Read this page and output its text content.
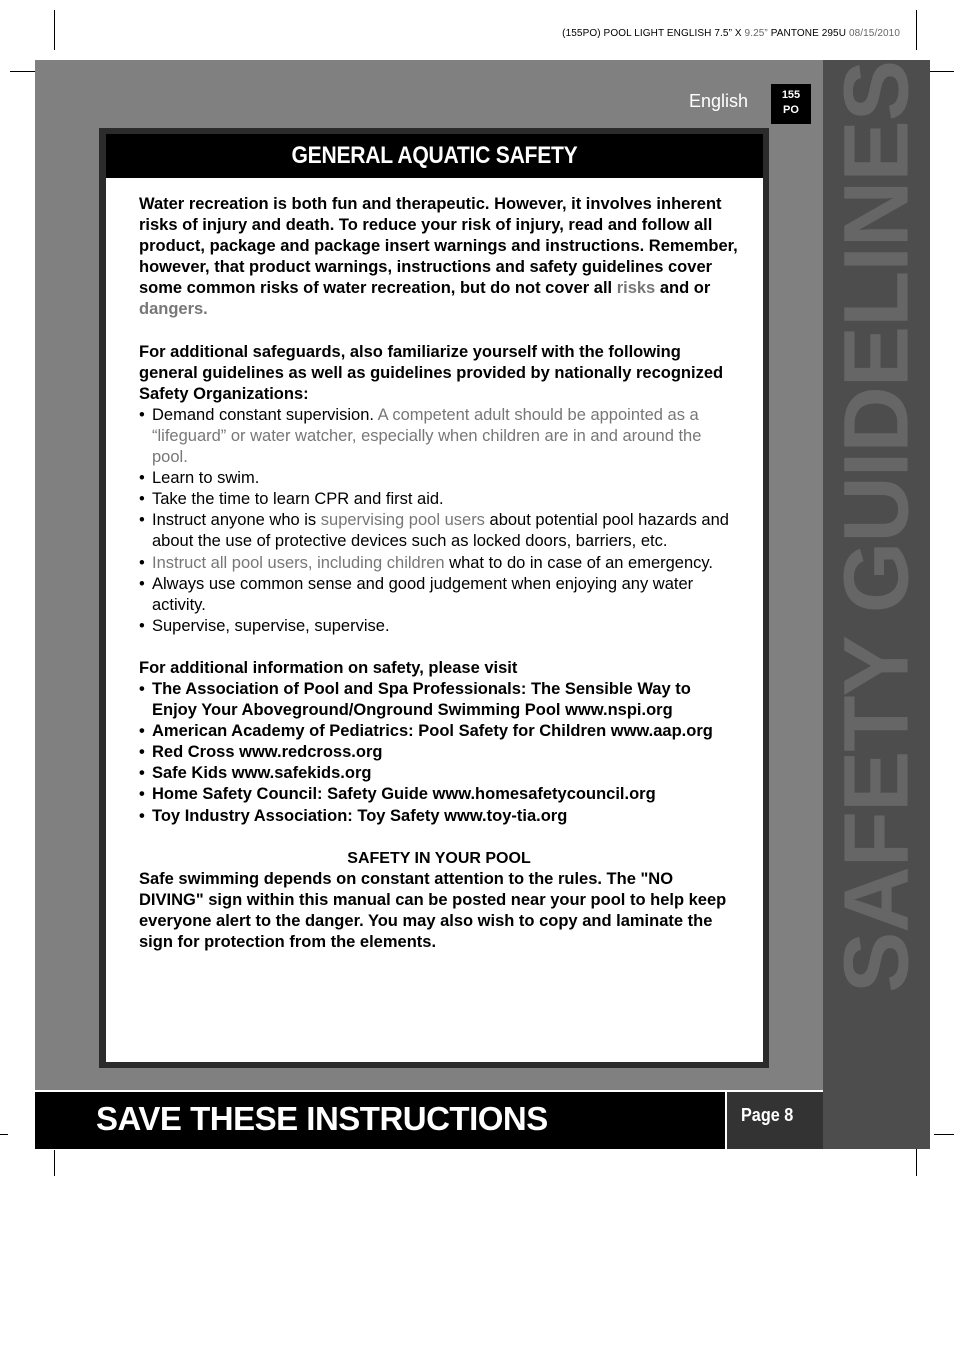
(155PO) POOL LIGHT ENGLISH 7.5” X 9.25” PANTONE 295U 08/15/2010
SAFETY GUIDELINES
English	155
PO
GENERAL AQUATIC SAFETY

Water recreation is both fun and therapeutic. However, it involves inherent risks of injury and death. To reduce your risk of injury, read and follow all product, package and package insert warnings and instructions. Remember, however, that product warnings, instructions and safety guidelines cover some common risks of water recreation, but do not cover all risks and or dangers.

For additional safeguards, also familiarize yourself with the following general guidelines as well as guidelines provided by nationally recognized Safety Organizations:

• Demand constant supervision. A competent adult should be appointed as a “lifeguard” or water watcher, especially when children are in and around the pool.
• Learn to swim.
• Take the time to learn CPR and first aid.
• Instruct anyone who is supervising pool users about potential pool hazards and about the use of protective devices such as locked doors, barriers, etc.
• Instruct all pool users, including children what to do in case of an emergency.
• Always use common sense and good judgement when enjoying any water activity.
• Supervise, supervise, supervise.

For additional information on safety, please visit

• The Association of Pool and Spa Professionals: The Sensible Way to Enjoy Your Aboveground/Onground Swimming Pool www.nspi.org
• American Academy of Pediatrics: Pool Safety for Children www.aap.org
• Red Cross www.redcross.org
• Safe Kids www.safekids.org
• Home Safety Council: Safety Guide www.homesafetycouncil.org
• Toy Industry Association: Toy Safety www.toy-tia.org

SAFETY IN YOUR POOL

Safe swimming depends on constant attention to the rules. The "NO DIVING" sign within this manual can be posted near your pool to help keep everyone alert to the danger. You may also wish to copy and laminate the sign for protection from the elements.

SAVE THESE INSTRUCTIONS	Page 8
